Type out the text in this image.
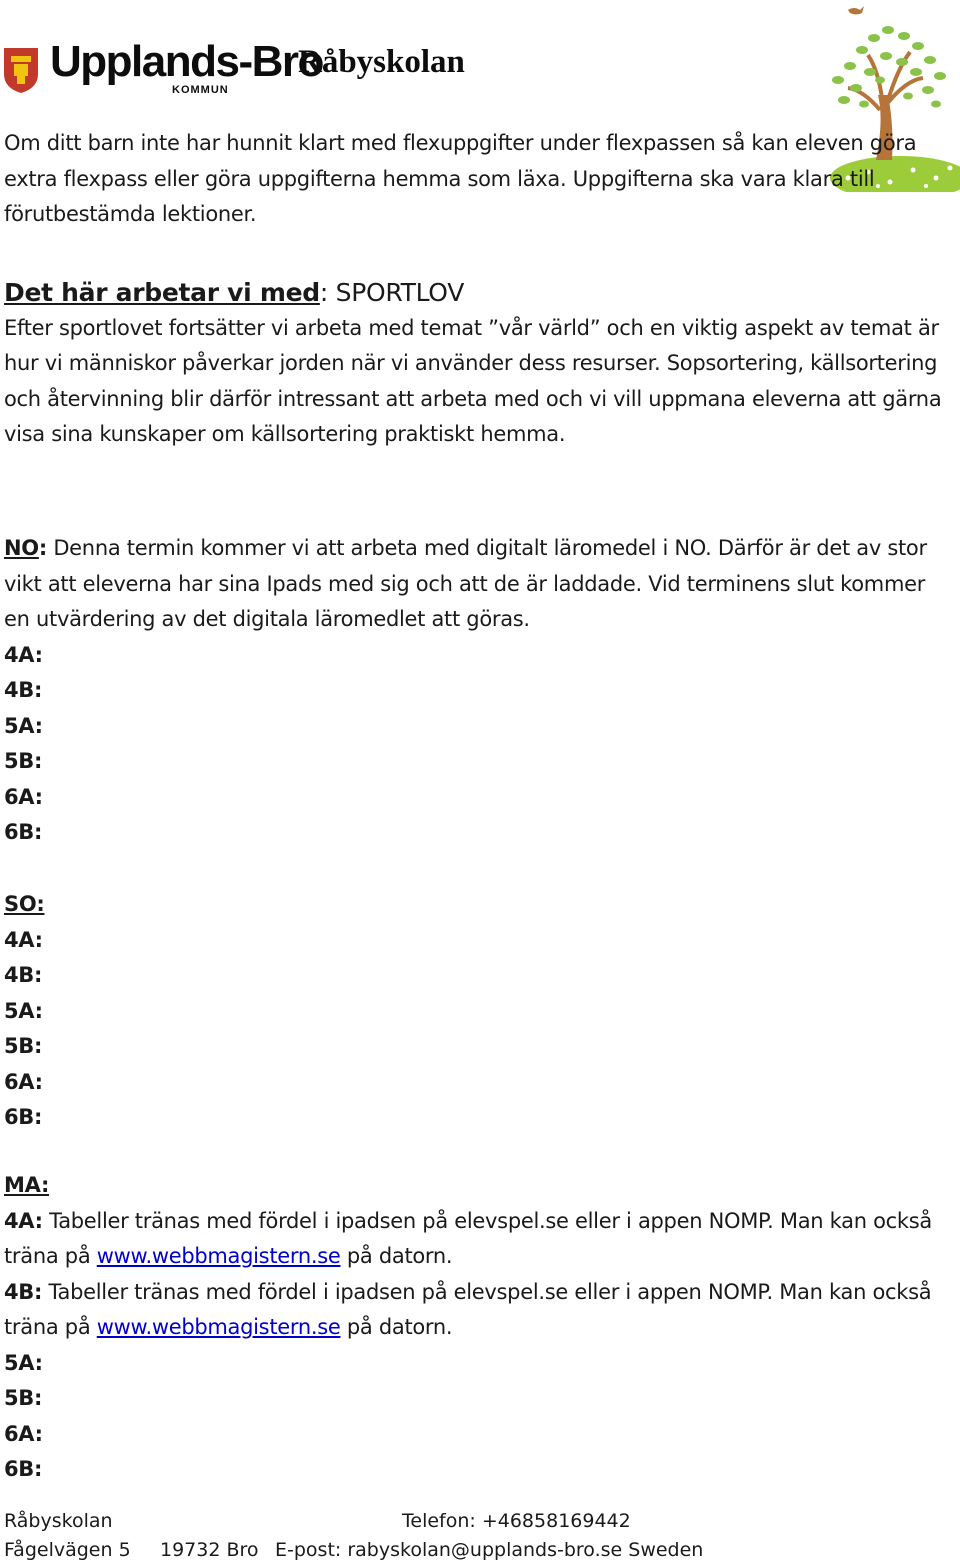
Upplands-Bro
KOMMUN
Råbyskolan

Om ditt barn inte har hunnit klart med flexuppgifter under flexpassen så kan eleven göra extra flexpass eller göra uppgifterna hemma som läxa. Uppgifterna ska vara klara till förutbestämda lektioner.

Det här arbetar vi med: SPORTLOV
Efter sportlovet fortsätter vi arbeta med temat ”vår värld” och en viktig aspekt av temat är hur vi människor påverkar jorden när vi använder dess resurser. Sopsortering, källsortering och återvinning blir därför intressant att arbeta med och vi vill uppmana eleverna att gärna visa sina kunskaper om källsortering praktiskt hemma.
NO: Denna termin kommer vi att arbeta med digitalt läromedel i NO. Därför är det av stor vikt att eleverna har sina Ipads med sig och att de är laddade. Vid terminens slut kommer en utvärdering av det digitala läromedlet att göras.
4A:
4B:
5A:
5B:
6A:
6B:
SO:
4A:
4B:
5A:
5B:
6A:
6B:
MA:
4A: Tabeller tränas med fördel i ipadsen på elevspel.se eller i appen NOMP. Man kan också träna på www.webbmagistern.se på datorn.
4B: Tabeller tränas med fördel i ipadsen på elevspel.se eller i appen NOMP. Man kan också träna på www.webbmagistern.se på datorn.
5A:
5B:
6A:
6B:
Råbyskolan	Telefon: +46858169442
Fågelvägen 5 19732 Bro E-post: rabyskolan@upplands-bro.se Sweden
